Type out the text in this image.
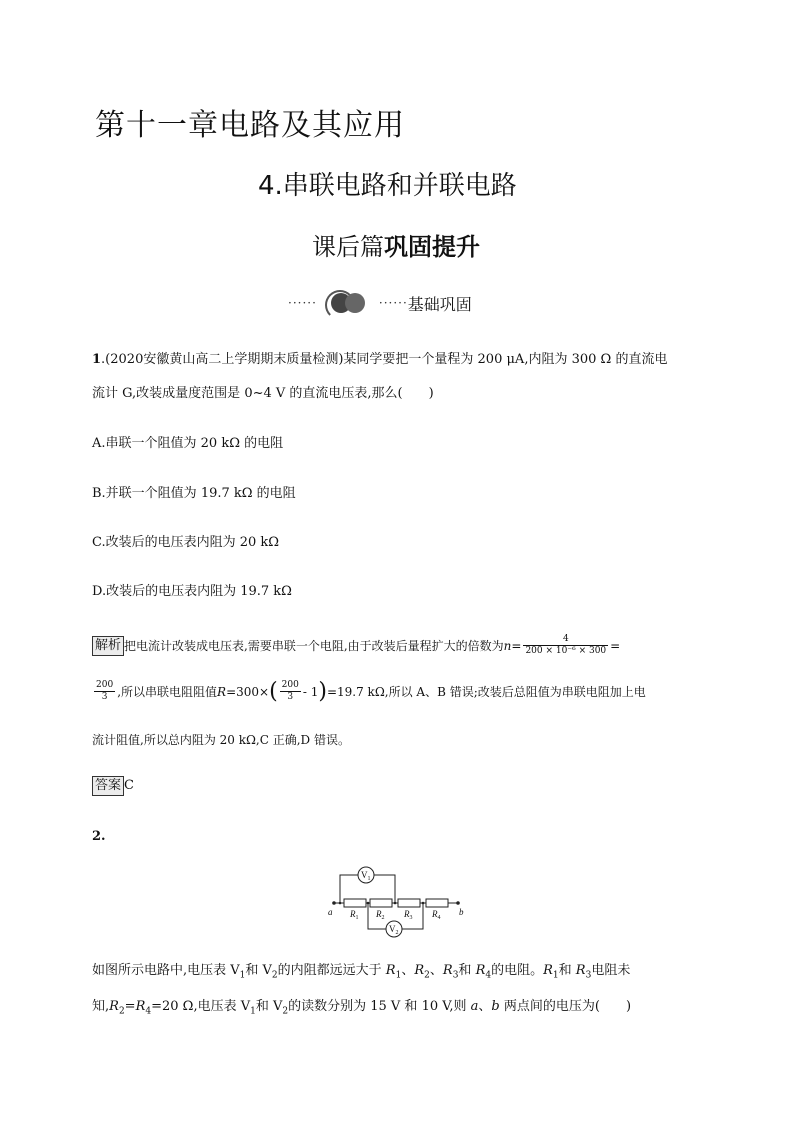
第十一章电路及其应用
4.串联电路和并联电路
课后篇巩固提升
······	······ 基础巩固
1.(2020安徽黄山高二上学期期末质量检测)某同学要把一个量程为 200 μA,内阻为 300 Ω 的直流电
流计 G,改装成量度范围是 0~4 V 的直流电压表,那么(　　)
A.串联一个阻值为 20 kΩ 的电阻
B.并联一个阻值为 19.7 kΩ 的电阻
C.改装后的电压表内阻为 20 kΩ
D.改装后的电压表内阻为 19.7 kΩ
解析 把电流计改装成电压表,需要串联一个电阻,由于改装后量程扩大的倍数为 $n = \frac{4}{\text{200 × 10⁻⁶ × 300}}$ =
$\frac{200}{3}$ ,所以串联电阻阻值 R =300× ( $\frac{200}{3} - 1$ ) =19.7 kΩ,所以 A、B 错误;改装后总阻值为串联电阻加上电
流计阻值,所以总内阻为 20 kΩ,C 正确,D 错误。
答案 C
2.
$V_1$
$V_2$
a	b
$R_1$ $R_2$ $R_3$ $R_4$
如图所示电路中,电压表 $V_1$和 $V_2$的内阻都远远大于 $R_1$、$R_2$、$R_3$和 $R_4$的电阻。$R_1$和 $R_3$电阻未
知$,R_2=R_4=20$ Ω,电压表 $V_1$和 $V_2$的读数分别为 15 V 和 10 V,则 a、b 两点间的电压为(　　)
